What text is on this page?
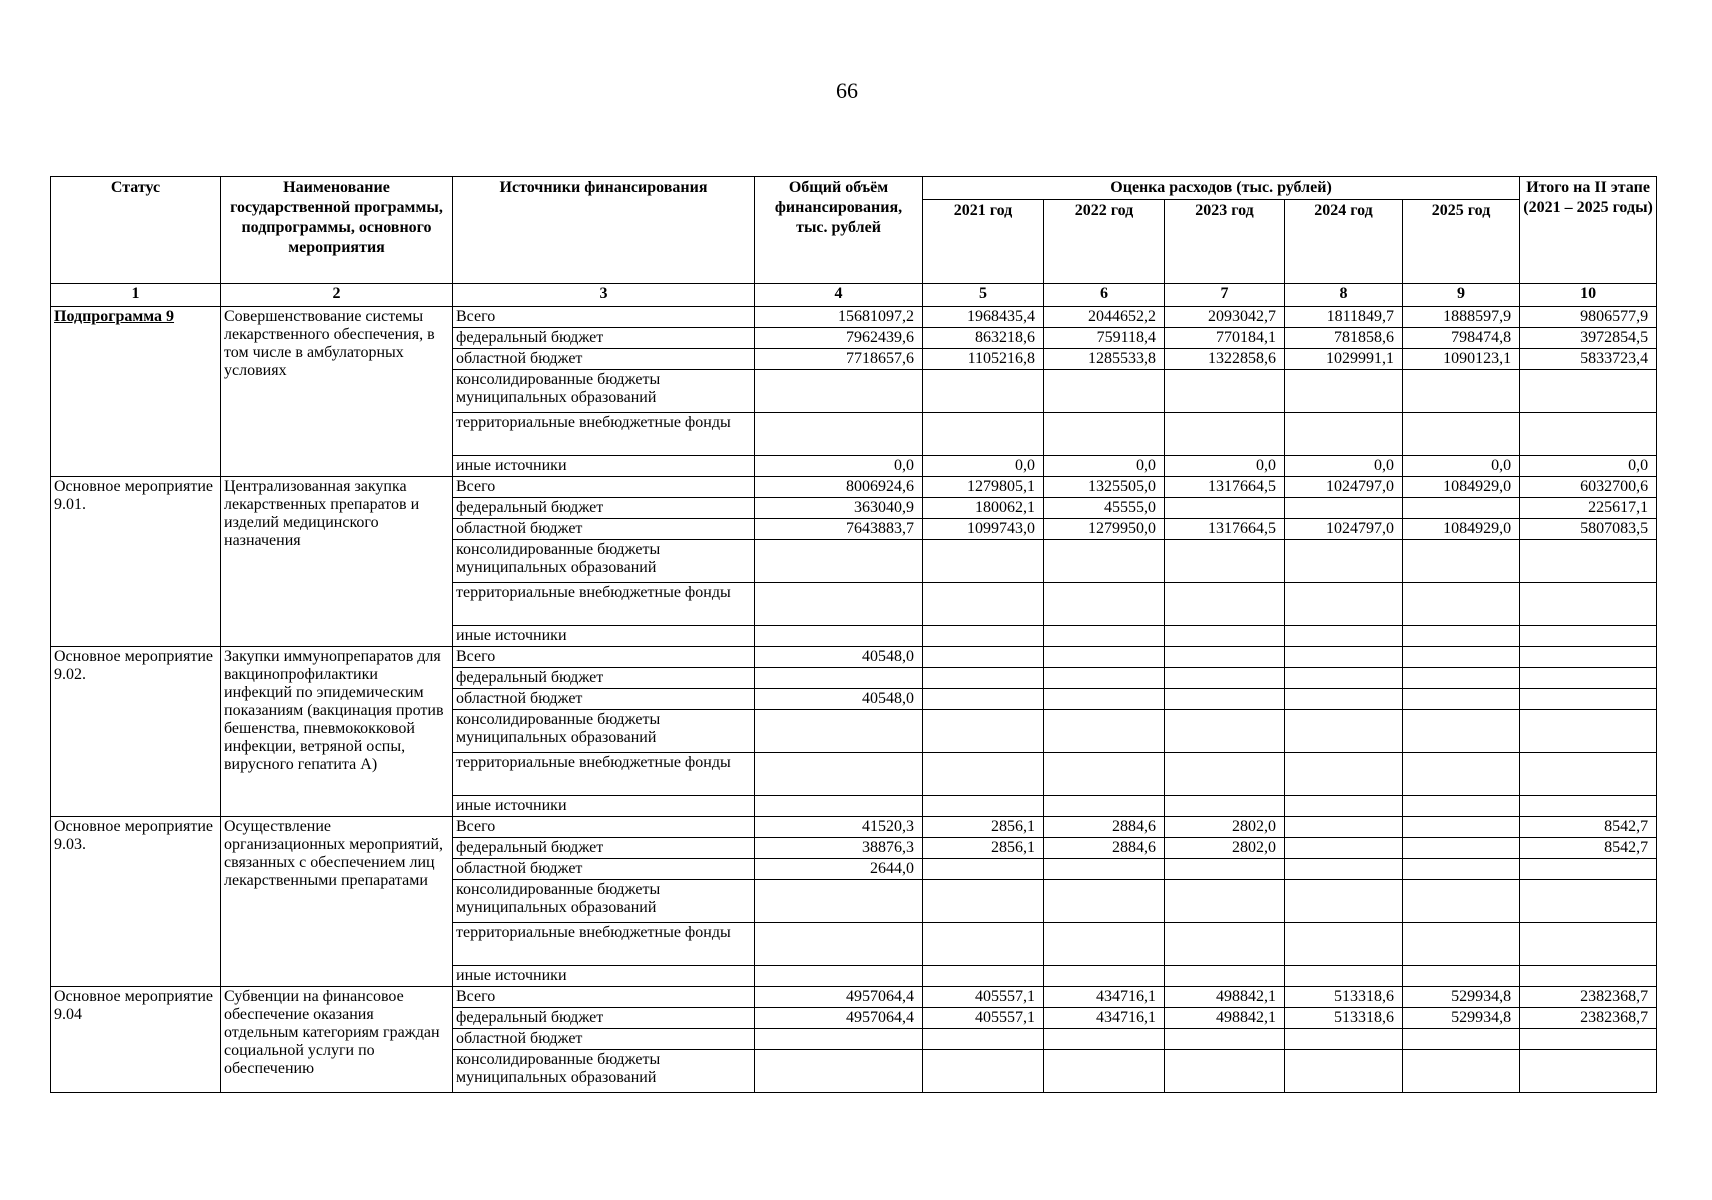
66
Статус	Наименование государственной программы, подпрограммы, основного мероприятия	Источники финансирования	Общий объём финансирования, тыс. рублей	Оценка расходов (тыс. рублей)					Итого на II этапе (2021 – 2025 годы)
				2021 год	2022 год	2023 год	2024 год	2025 год	
1	2	3	4	5	6	7	8	9	10
Подпрограмма 9	Совершенствование системы лекарственного обеспечения, в том числе в амбулаторных условиях	Всего	15681097,2	1968435,4	2044652,2	2093042,7	1811849,7	1888597,9	9806577,9
		федеральный бюджет	7962439,6	863218,6	759118,4	770184,1	781858,6	798474,8	3972854,5
		областной бюджет	7718657,6	1105216,8	1285533,8	1322858,6	1029991,1	1090123,1	5833723,4
		консолидированные бюджеты муниципальных образований							
		территориальные внебюджетные фонды							
		иные источники	0,0	0,0	0,0	0,0	0,0	0,0	0,0
Основное мероприятие 9.01.	Централизованная закупка лекарственных препаратов и изделий медицинского назначения	Всего	8006924,6	1279805,1	1325505,0	1317664,5	1024797,0	1084929,0	6032700,6
		федеральный бюджет	363040,9	180062,1	45555,0				225617,1
		областной бюджет	7643883,7	1099743,0	1279950,0	1317664,5	1024797,0	1084929,0	5807083,5
		консолидированные бюджеты муниципальных образований							
		территориальные внебюджетные фонды							
		иные источники							
Основное мероприятие 9.02.	Закупки иммунопрепаратов для вакцинопрофилактики инфекций по эпидемическим показаниям (вакцинация против бешенства, пневмококковой инфекции, ветряной оспы, вирусного гепатита А)	Всего	40548,0						
		федеральный бюджет							
		областной бюджет	40548,0						
		консолидированные бюджеты муниципальных образований							
		территориальные внебюджетные фонды							
		иные источники							
Основное мероприятие 9.03.	Осуществление организационных мероприятий, связанных с обеспечением лиц лекарственными препаратами	Всего	41520,3	2856,1	2884,6	2802,0			8542,7
		федеральный бюджет	38876,3	2856,1	2884,6	2802,0			8542,7
		областной бюджет	2644,0						
		консолидированные бюджеты муниципальных образований							
		территориальные внебюджетные фонды							
		иные источники							
Основное мероприятие 9.04	Субвенции на финансовое обеспечение оказания отдельным категориям граждан социальной услуги по обеспечению	Всего	4957064,4	405557,1	434716,1	498842,1	513318,6	529934,8	2382368,7
		федеральный бюджет	4957064,4	405557,1	434716,1	498842,1	513318,6	529934,8	2382368,7
		областной бюджет							
		консолидированные бюджеты муниципальных образований							
